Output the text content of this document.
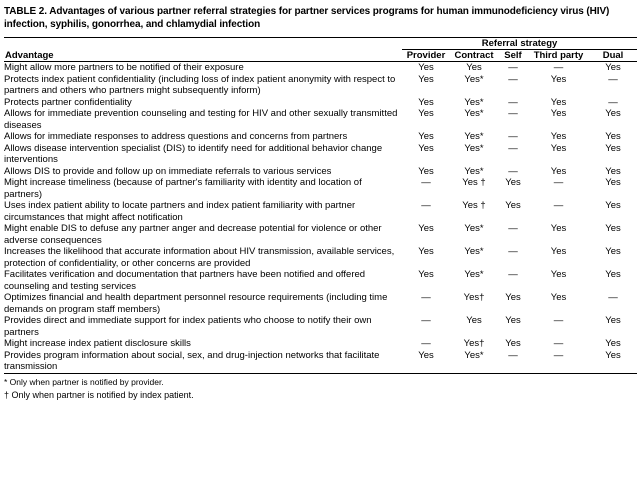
TABLE 2. Advantages of various partner referral strategies for partner services programs for human immunodeficiency virus (HIV) infection, syphilis, gonorrhea, and chlamydial infection
	Referral strategy				
Advantage	Provider	Contract	Self	Third party	Dual
Might allow more partners to be notified of their exposure	Yes	Yes	—	—	Yes
Protects index patient confidentiality (including loss of index patient anonymity with respect to partners and others who partners might subsequently inform)	Yes	Yes*	—	Yes	—
Protects partner confidentiality	Yes	Yes*	—	Yes	—
Allows for immediate prevention counseling and testing for HIV and other sexually transmitted diseases	Yes	Yes*	—	Yes	Yes
Allows for immediate responses to address questions and concerns from partners	Yes	Yes*	—	Yes	Yes
Allows disease intervention specialist (DIS) to identify need for additional behavior change interventions	Yes	Yes*	—	Yes	Yes
Allows DIS to provide and follow up on immediate referrals to various services	Yes	Yes*	—	Yes	Yes
Might increase timeliness (because of partner's familiarity with identity and location of partners)	—	Yes †	Yes	—	Yes
Uses index patient ability to locate partners and index patient familiarity with partner circumstances that might affect notification	—	Yes †	Yes	—	Yes
Might enable DIS to defuse any partner anger and decrease potential for violence or other adverse consequences	Yes	Yes*	—	Yes	Yes
Increases the likelihood that accurate information about HIV transmission, available services, protection of confidentiality, or other concerns are provided	Yes	Yes*	—	Yes	Yes
Facilitates verification and documentation that partners have been notified and offered counseling and testing services	Yes	Yes*	—	Yes	Yes
Optimizes financial and health department personnel resource requirements (including time demands on program staff members)	—	Yes†	Yes	Yes	—
Provides direct and immediate support for index patients who choose to notify their own partners	—	Yes	Yes	—	Yes
Might increase index patient disclosure skills	—	Yes†	Yes	—	Yes
Provides program information about social, sex, and drug-injection networks that facilitate transmission	Yes	Yes*	—	—	Yes
* Only when partner is notified by provider.
† Only when partner is notified by index patient.
